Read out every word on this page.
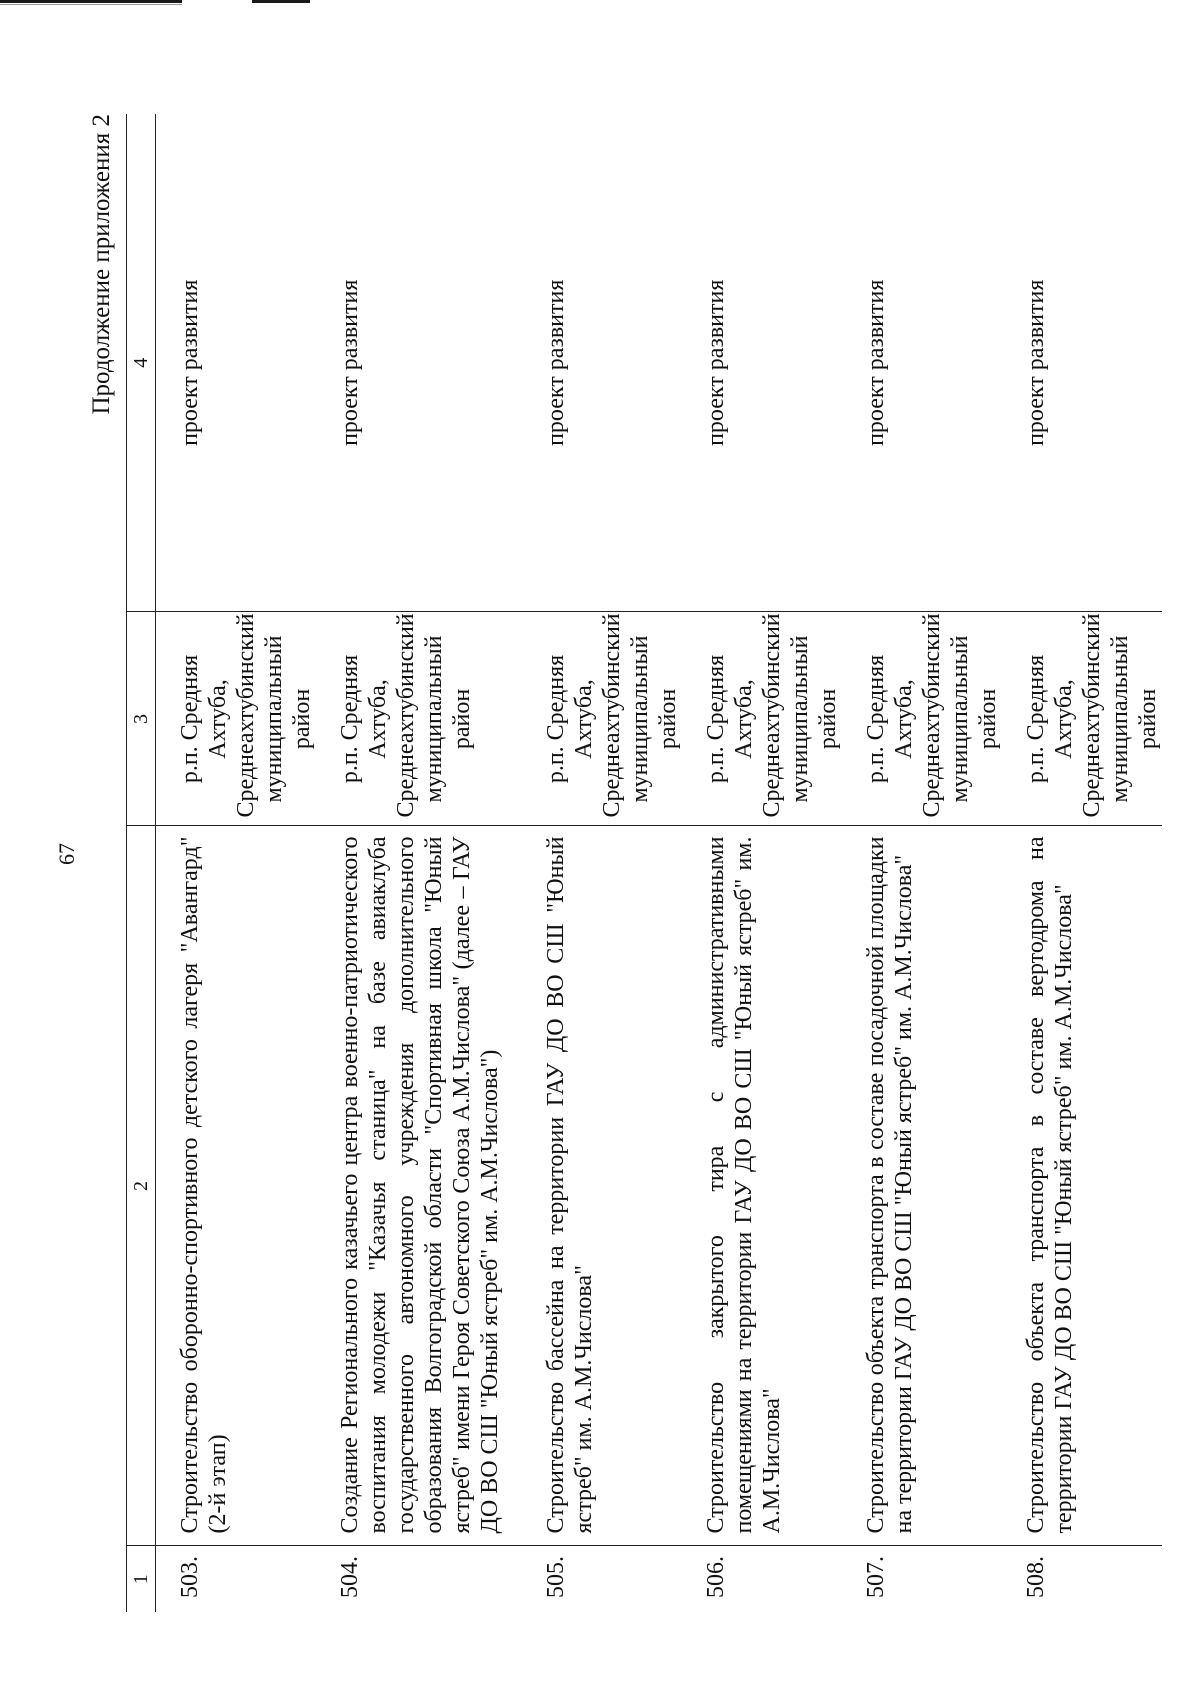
67
Продолжение приложения 2
1	2	3	4
503.	Строительство оборонно-спортивного детского лагеря "Авангард" (2-й этап)	р.п. Средняя Ахтуба, Среднеахтубинский муниципальный район	проект развития
504.	Создание Регионального казачьего центра военно-патриотического воспитания молодежи "Казачья станица" на базе авиаклуба государственного автономного учреждения дополнительного образования Волгоградской области "Спортивная школа "Юный ястреб" имени Героя Советского Союза А.М.Числова" (далее – ГАУ ДО ВО СШ "Юный ястреб" им. А.М.Числова")	р.п. Средняя Ахтуба, Среднеахтубинский муниципальный район	проект развития
505.	Строительство бассейна на территории ГАУ ДО ВО СШ "Юный ястреб" им. А.М.Числова"	р.п. Средняя Ахтуба, Среднеахтубинский муниципальный район	проект развития
506.	Строительство закрытого тира с административными помещениями на территории ГАУ ДО ВО СШ "Юный ястреб" им. А.М.Числова"	р.п. Средняя Ахтуба, Среднеахтубинский муниципальный район	проект развития
507.	Строительство объекта транспорта в составе посадочной площадки на территории ГАУ ДО ВО СШ "Юный ястреб" им. А.М.Числова"	р.п. Средняя Ахтуба, Среднеахтубинский муниципальный район	проект развития
508.	Строительство объекта транспорта в составе вертодрома на территории ГАУ ДО ВО СШ "Юный ястреб" им. А.М.Числова"	р.п. Средняя Ахтуба, Среднеахтубинский муниципальный район	проект развития
